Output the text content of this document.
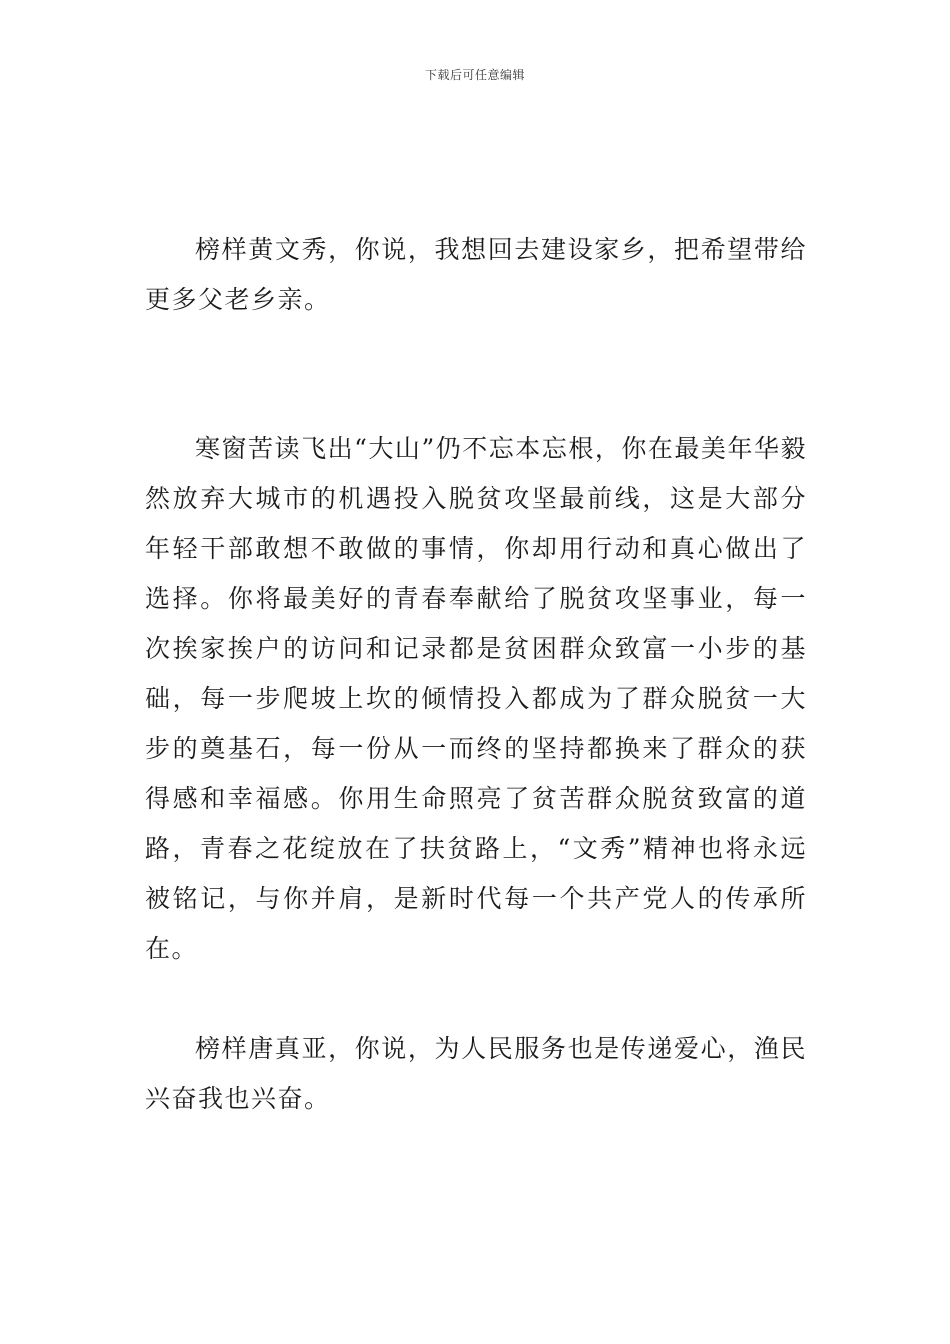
下载后可任意编辑

榜样黄文秀，你说，我想回去建设家乡，把希望带给更多父老乡亲。

寒窗苦读飞出“大山”仍不忘本忘根，你在最美年华毅然放弃大城市的机遇投入脱贫攻坚最前线，这是大部分年轻干部敢想不敢做的事情，你却用行动和真心做出了选择。你将最美好的青春奉献给了脱贫攻坚事业，每一次挨家挨户的访问和记录都是贫困群众致富一小步的基础，每一步爬坡上坎的倾情投入都成为了群众脱贫一大步的奠基石，每一份从一而终的坚持都换来了群众的获得感和幸福感。你用生命照亮了贫苦群众脱贫致富的道路，青春之花绽放在了扶贫路上，“文秀”精神也将永远被铭记，与你并肩，是新时代每一个共产党人的传承所在。

榜样唐真亚，你说，为人民服务也是传递爱心，渔民兴奋我也兴奋。
